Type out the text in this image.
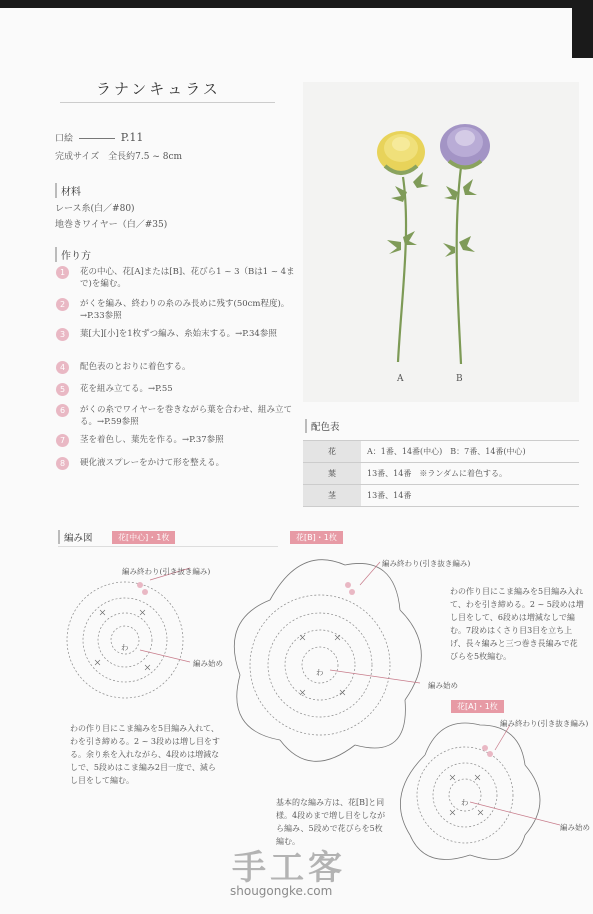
ラナンキュラス
口絵	P.11
完成サイズ 全長約7.5 ~ 8cm
材料
レース糸(白／#80)
地巻きワイヤー（白／#35)
作り方
1	花の中心、花[A]または[B]、花びら1 ~ 3（Bは1 ~ 4まで)を編む。
2	がくを編み、終わりの糸のみ長めに残す(50cm程度)。→P.33参照
3	葉[大][小]を1枚ずつ編み、糸始末する。→P.34参照
4	配色表のとおりに着色する。
5	花を組み立てる。→P.55
6	がくの糸でワイヤーを巻きながら葉を合わせ、組み立てる。→P.59参照
7	茎を着色し、葉先を作る。→P.37参照
8	硬化液スプレーをかけて形を整える。
A	B
配色表
花	A：1番、14番(中心)　B：7番、14番(中心)
葉	13番、14番　※ランダムに着色する。
茎	13番、14番
編み図	花[中心]・1枚	花[B]・1枚
花[A]・1枚
編み終わり(引き抜き編み)
編み終わり(引き抜き編み)
編み終わり(引き抜き編み)
編み始め
編み始め
編み始め
わ
わ
わ
わの作り目にこま編みを5目編み入れて、わを引き締める。2 ~ 3段めは増し目をする。余り糸を入れながら、4段めは増減なしで、5段めはこま編み2目一度で、減らし目をして編む。
わの作り目にこま編みを5目編み入れて、わを引き締める。2 ~ 5段めは増し目をして、6段めは増減なしで編む。7段めはくさり目3目を立ち上げ、長々編みと三つ巻き長編みで花びらを5枚編む。
基本的な編み方は、花[B]と同様。4段めまで増し目をしながら編み、5段めで花びらを5枚編む。
手工客
shougongke.com
